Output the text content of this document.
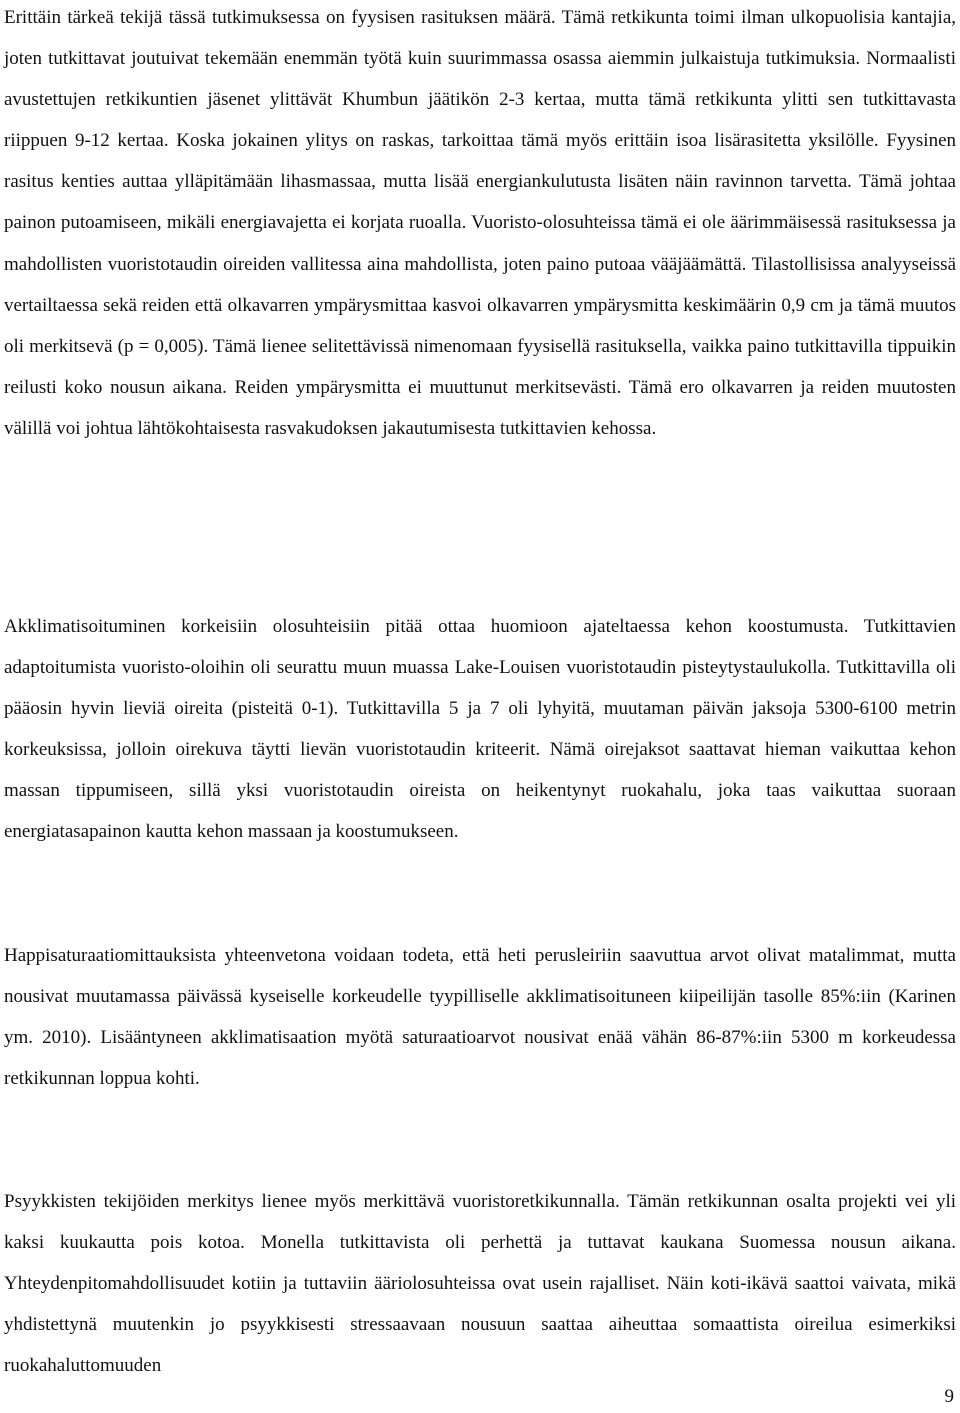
Erittäin tärkeä tekijä tässä tutkimuksessa on fyysisen rasituksen määrä. Tämä retkikunta toimi ilman ulkopuolisia kantajia, joten tutkittavat joutuivat tekemään enemmän työtä kuin suurimmassa osassa aiemmin julkaistuja tutkimuksia. Normaalisti avustettujen retkikuntien jäsenet ylittävät Khumbun jäätikön 2-3 kertaa, mutta tämä retkikunta ylitti sen tutkittavasta riippuen 9-12 kertaa. Koska jokainen ylitys on raskas, tarkoittaa tämä myös erittäin isoa lisärasitetta yksilölle. Fyysinen rasitus kenties auttaa ylläpitämään lihasmassaa, mutta lisää energiankulutusta lisäten näin ravinnon tarvetta. Tämä johtaa painon putoamiseen, mikäli energiavajetta ei korjata ruoalla. Vuoristo-olosuhteissa tämä ei ole äärimmäisessä rasituksessa ja mahdollisten vuoristotaudin oireiden vallitessa aina mahdollista, joten paino putoaa vääjäämättä. Tilastollisissa analyyseissä vertailtaessa sekä reiden että olkavarren ympärysmittaa kasvoi olkavarren ympärysmitta keskimäärin 0,9 cm ja tämä muutos oli merkitsevä (p = 0,005). Tämä lienee selitettävissä nimenomaan fyysisellä rasituksella, vaikka paino tutkittavilla tippuikin reilusti koko nousun aikana. Reiden ympärysmitta ei muuttunut merkitsevästi. Tämä ero olkavarren ja reiden muutosten välillä voi johtua lähtökohtaisesta rasvakudoksen jakautumisesta tutkittavien kehossa.

Akklimatisoituminen korkeisiin olosuhteisiin pitää ottaa huomioon ajateltaessa kehon koostumusta. Tutkittavien adaptoitumista vuoristo-oloihin oli seurattu muun muassa Lake-Louisen vuoristotaudin pisteytystaulukolla. Tutkittavilla oli pääosin hyvin lieviä oireita (pisteitä 0-1). Tutkittavilla 5 ja 7 oli lyhyitä, muutaman päivän jaksoja 5300-6100 metrin korkeuksissa, jolloin oirekuva täytti lievän vuoristotaudin kriteerit. Nämä oirejaksot saattavat hieman vaikuttaa kehon massan tippumiseen, sillä yksi vuoristotaudin oireista on heikentynyt ruokahalu, joka taas vaikuttaa suoraan energiatasapainon kautta kehon massaan ja koostumukseen.

Happisaturaatiomittauksista yhteenvetona voidaan todeta, että heti perusleiriin saavuttua arvot olivat matalimmat, mutta nousivat muutamassa päivässä kyseiselle korkeudelle tyypilliselle akklimatisoituneen kiipeilijän tasolle 85%:iin (Karinen ym. 2010). Lisääntyneen akklimatisaation myötä saturaatioarvot nousivat enää vähän 86-87%:iin 5300 m korkeudessa retkikunnan loppua kohti.

Psyykkisten tekijöiden merkitys lienee myös merkittävä vuoristoretkikunnalla. Tämän retkikunnan osalta projekti vei yli kaksi kuukautta pois kotoa. Monella tutkittavista oli perhettä ja tuttavat kaukana Suomessa nousun aikana. Yhteydenpitomahdollisuudet kotiin ja tuttaviin ääriolosuhteissa ovat usein rajalliset. Näin koti-ikävä saattoi vaivata, mikä yhdistettynä muutenkin jo psyykkisesti stressaavaan nousuun saattaa aiheuttaa somaattista oireilua esimerkiksi ruokahaluttomuuden

9
